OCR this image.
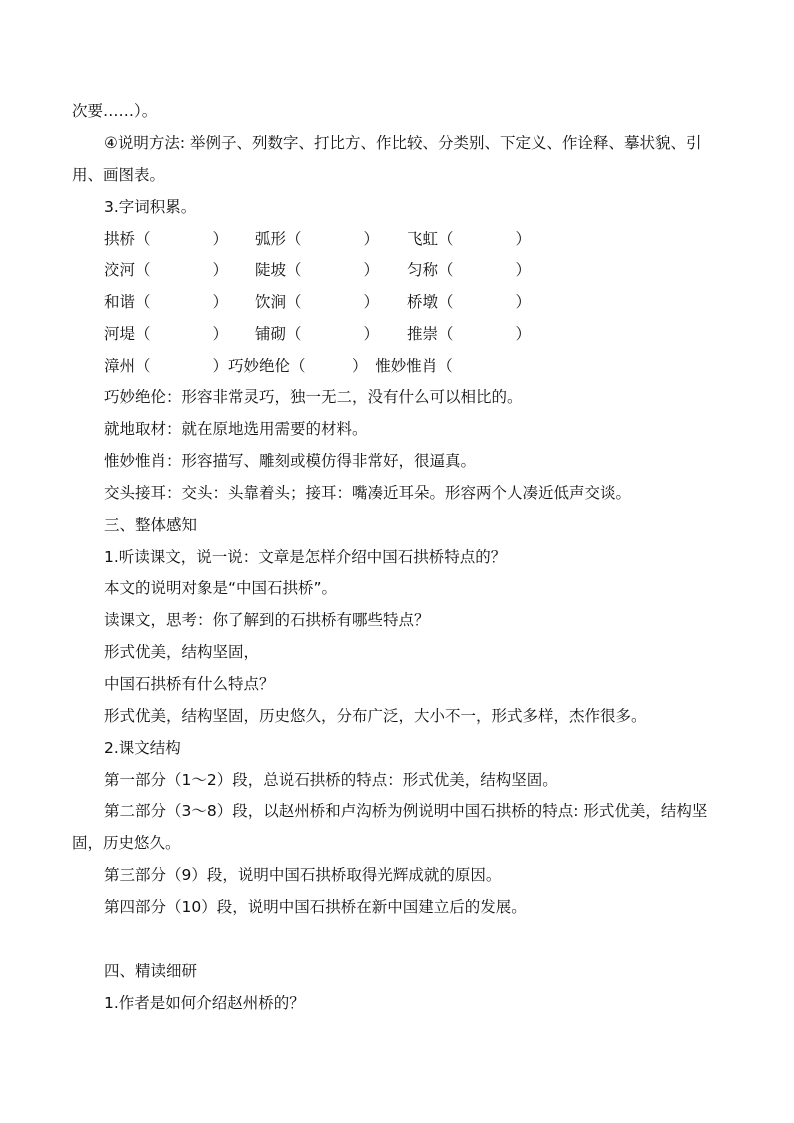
次要……）。
④说明方法: 举例子、列数字、打比方、作比较、分类别、下定义、作诠释、摹状貌、引
用、画图表。
3.字词积累。
拱桥（　　　　） 弧形（　　　　） 飞虹（　　　　）
洨河（　　　　） 陡坡（　　　　） 匀称（　　　　）
和谐（　　　　） 饮涧（　　　　） 桥墩（　　　　）
河堤（　　　　） 铺砌（　　　　） 推崇（　　　　）
漳州（　　　　）巧妙绝伦（　　　）　惟妙惟肖（
巧妙绝伦：形容非常灵巧，独一无二，没有什么可以相比的。
就地取材：就在原地选用需要的材料。
惟妙惟肖：形容描写、雕刻或模仿得非常好，很逼真。
交头接耳：交头：头靠着头；接耳：嘴凑近耳朵。形容两个人凑近低声交谈。
三、整体感知
1.听读课文，说一说：文章是怎样介绍中国石拱桥特点的？
本文的说明对象是“中国石拱桥”。
读课文，思考：你了解到的石拱桥有哪些特点？
形式优美，结构坚固，
中国石拱桥有什么特点？
形式优美，结构坚固，历史悠久，分布广泛，大小不一，形式多样，杰作很多。
2.课文结构
第一部分（1～2）段，总说石拱桥的特点：形式优美，结构坚固。
第二部分（3～8）段，以赵州桥和卢沟桥为例说明中国石拱桥的特点: 形式优美，结构坚
固，历史悠久。
第三部分（9）段，说明中国石拱桥取得光辉成就的原因。
第四部分（10）段，说明中国石拱桥在新中国建立后的发展。
四、精读细研
1.作者是如何介绍赵州桥的？
